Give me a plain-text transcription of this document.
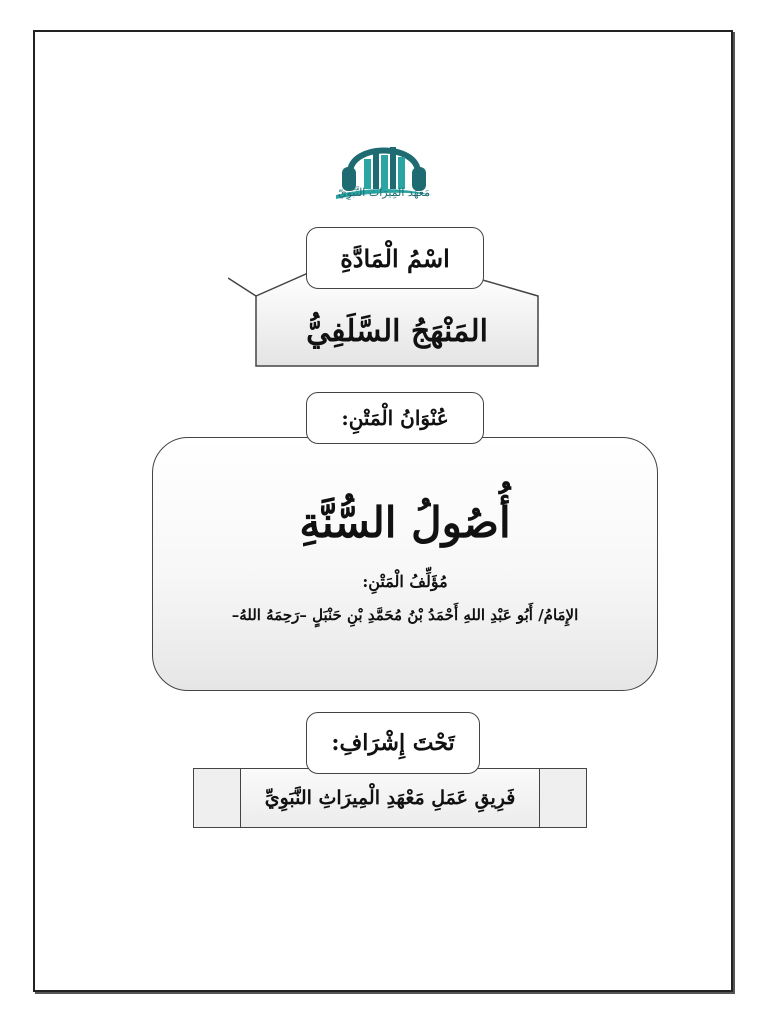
مَعْهَد المِيرَاث النَّبَوِيّ
اسْمُ الْمَادَّةِ
المَنْهَجُ السَّلَفِيُّ
أُصُولُ السُّنَّةِ
مُؤَلِّفُ الْمَتْنِ:
الإِمَامُ/ أَبُو عَبْدِ اللهِ أَحْمَدُ بْنُ مُحَمَّدِ بْنِ حَنْبَلٍ –رَحِمَهُ اللهُ–
عُنْوَانُ الْمَتْنِ:
فَرِيقِ عَمَلِ مَعْهَدِ الْمِيرَاثِ النَّبَوِيِّ
تَحْتَ إِشْرَافِ:
